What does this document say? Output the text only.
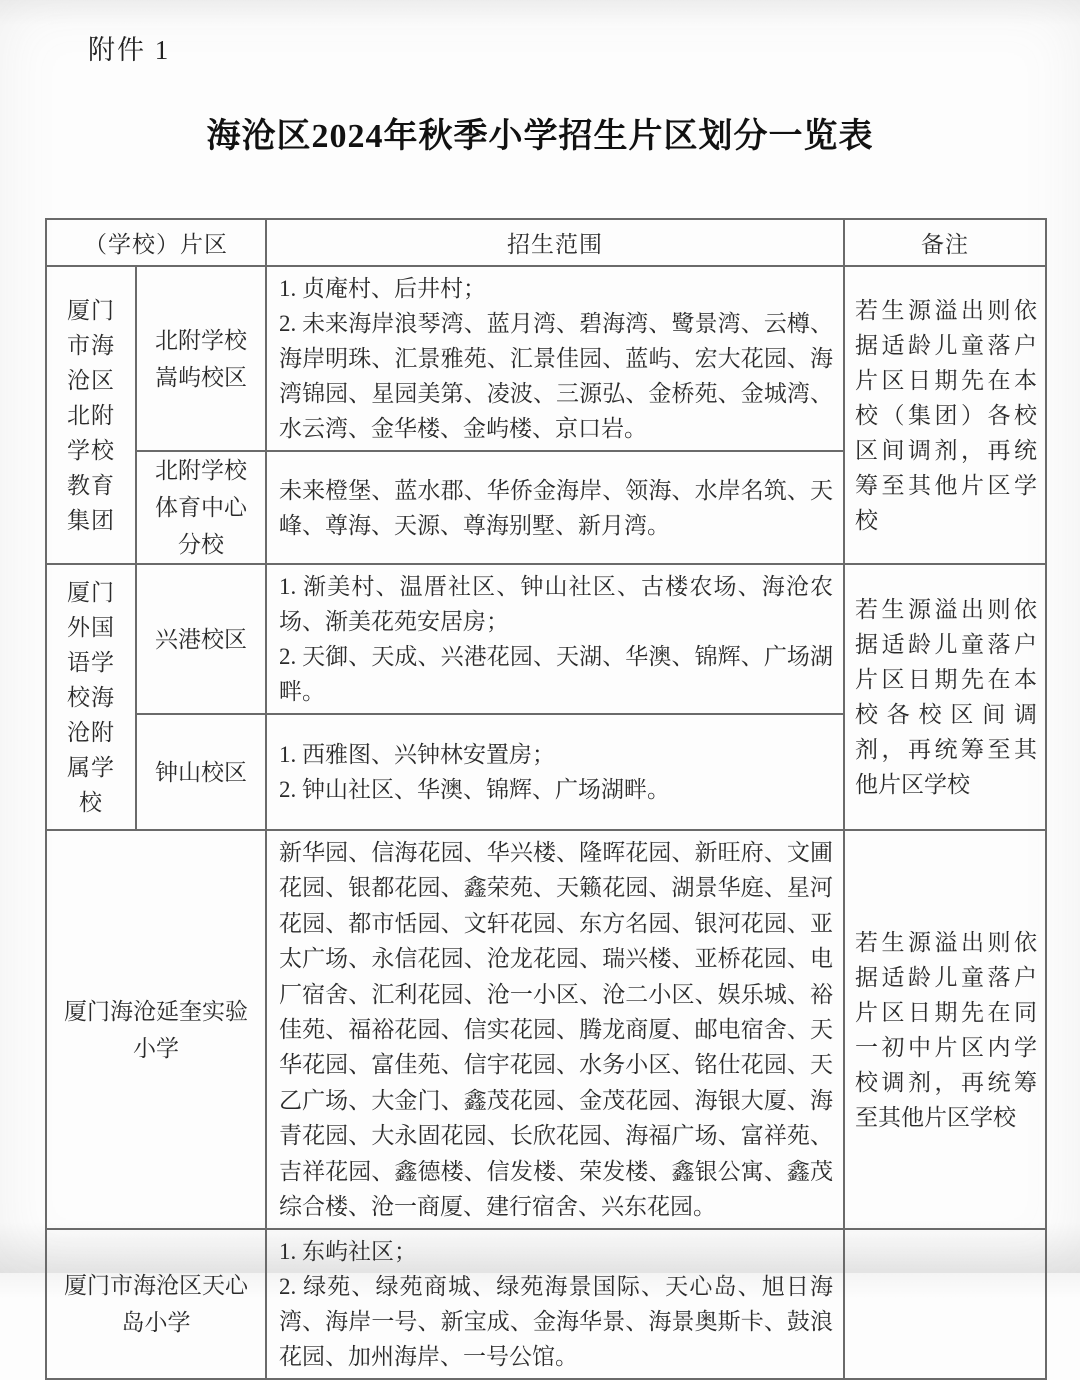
附件 1
海沧区2024年秋季小学招生片区划分一览表
（学校）片区		招生范围	备注

厦门市海沧区北附学校教育集团	北附学校嵩屿校区	1. 贞庵村、后井村；

2. 未来海岸浪琴湾、蓝月湾、碧海湾、鹭景湾、云樽、海岸明珠、汇景雅苑、汇景佳园、蓝屿、宏大花园、海湾锦园、星园美第、凌波、三源弘、金桥苑、金城湾、水云湾、金华楼、金屿楼、京口岩。	若生源溢出则依据适龄儿童落户片区日期先在本校（集团）各校区间调剂，再统筹至其他片区学校

	北附学校体育中心分校	未来橙堡、蓝水郡、华侨金海岸、领海、水岸名筑、天峰、尊海、天源、尊海别墅、新月湾。	

厦门外国语学校海沧附属学校	兴港校区	1. 渐美村、温厝社区、钟山社区、古楼农场、海沧农场、渐美花苑安居房；

2. 天御、天成、兴港花园、天湖、华澳、锦辉、广场湖畔。	若生源溢出则依据适龄儿童落户片区日期先在本校各校区间调剂，再统筹至其他片区学校

	钟山校区	1. 西雅图、兴钟林安置房；

2. 钟山社区、华澳、锦辉、广场湖畔。	

厦门海沧延奎实验小学		新华园、信海花园、华兴楼、隆晖花园、新旺府、文圃花园、银都花园、鑫荣苑、天籁花园、湖景华庭、星河花园、都市恬园、文轩花园、东方名园、银河花园、亚太广场、永信花园、沧龙花园、瑞兴楼、亚桥花园、电厂宿舍、汇利花园、沧一小区、沧二小区、娱乐城、裕佳苑、福裕花园、信实花园、腾龙商厦、邮电宿舍、天华花园、富佳苑、信宇花园、水务小区、铭仕花园、天乙广场、大金门、鑫茂花园、金茂花园、海银大厦、海青花园、大永固花园、长欣花园、海福广场、富祥苑、吉祥花园、鑫德楼、信发楼、荣发楼、鑫银公寓、鑫茂综合楼、沧一商厦、建行宿舍、兴东花园。	若生源溢出则依据适龄儿童落户片区日期先在同一初中片区内学校调剂，再统筹至其他片区学校

厦门市海沧区天心岛小学		1. 东屿社区；

2. 绿苑、绿苑商城、绿苑海景国际、天心岛、旭日海湾、海岸一号、新宝成、金海华景、海景奥斯卡、鼓浪花园、加州海岸、一号公馆。	
